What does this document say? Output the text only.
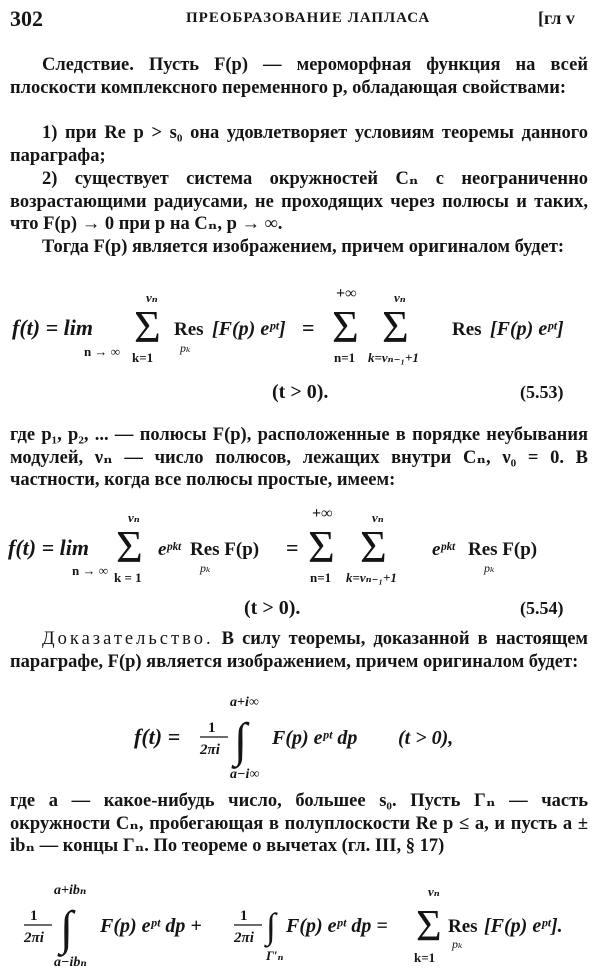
302	ПРЕОБРАЗОВАНИЕ ЛАПЛАСА	[гл v

Следствие. Пусть F(p) — мероморфная функция на всей плоскости комплексного переменного p, обладающая свойствами:

1) при Re p > s₀ она удовлетворяет условиям теоремы данного параграфа;

2) существует система окружностей Cₙ с неограниченно возрастающими радиусами, не проходящих через полюсы и таких, что F(p) → 0 при p на Cₙ, p → ∞.

Тогда F(p) является изображением, причем оригиналом будет:

f(t) = lim
n → ∞
νₙ
Σ
k=1
Res
pₖ
[F(p) eᵖᵗ] =
+∞
Σ
n=1
νₙ
Σ
k=νₙ₋₁+1
Res [F(p) eᵖᵗ]
(t > 0).	(5.53)

где p₁, p₂, ... — полюсы F(p), расположенные в порядке неубывания модулей, νₙ — число полюсов, лежащих внутри Cₙ, ν₀ = 0. В частности, когда все полюсы простые, имеем:

f(t) = lim
n → ∞
νₙ
Σ
k = 1
eᵖᵏᵗ Res F(p)
pₖ
=
+∞
Σ
n=1
νₙ
Σ
k=νₙ₋₁+1
eᵖᵏᵗ Res F(p)
pₖ
(t > 0).	(5.54)

Доказательство. В силу теоремы, доказанной в настоящем параграфе, F(p) является изображением, причем оригиналом будет:

f(t) = 1
2πi
a+i∞
∫
a−i∞
F(p) eᵖᵗ dp (t > 0),

где a — какое-нибудь число, большее s₀. Пусть Γₙ — часть окружности Cₙ, пробегающая в полуплоскости Re p ≤ a, и пусть a ± ibₙ — концы Γₙ. По теореме о вычетах (гл. III, § 17)

1
2πi
a+ibₙ
∫
a−ibₙ
F(p) eᵖᵗ dp +	1
2πi ∫
Γ′ₙ
F(p) eᵖᵗ dp =
νₙ
Σ
k=1
Res
pₖ
[F(p) eᵖᵗ].
